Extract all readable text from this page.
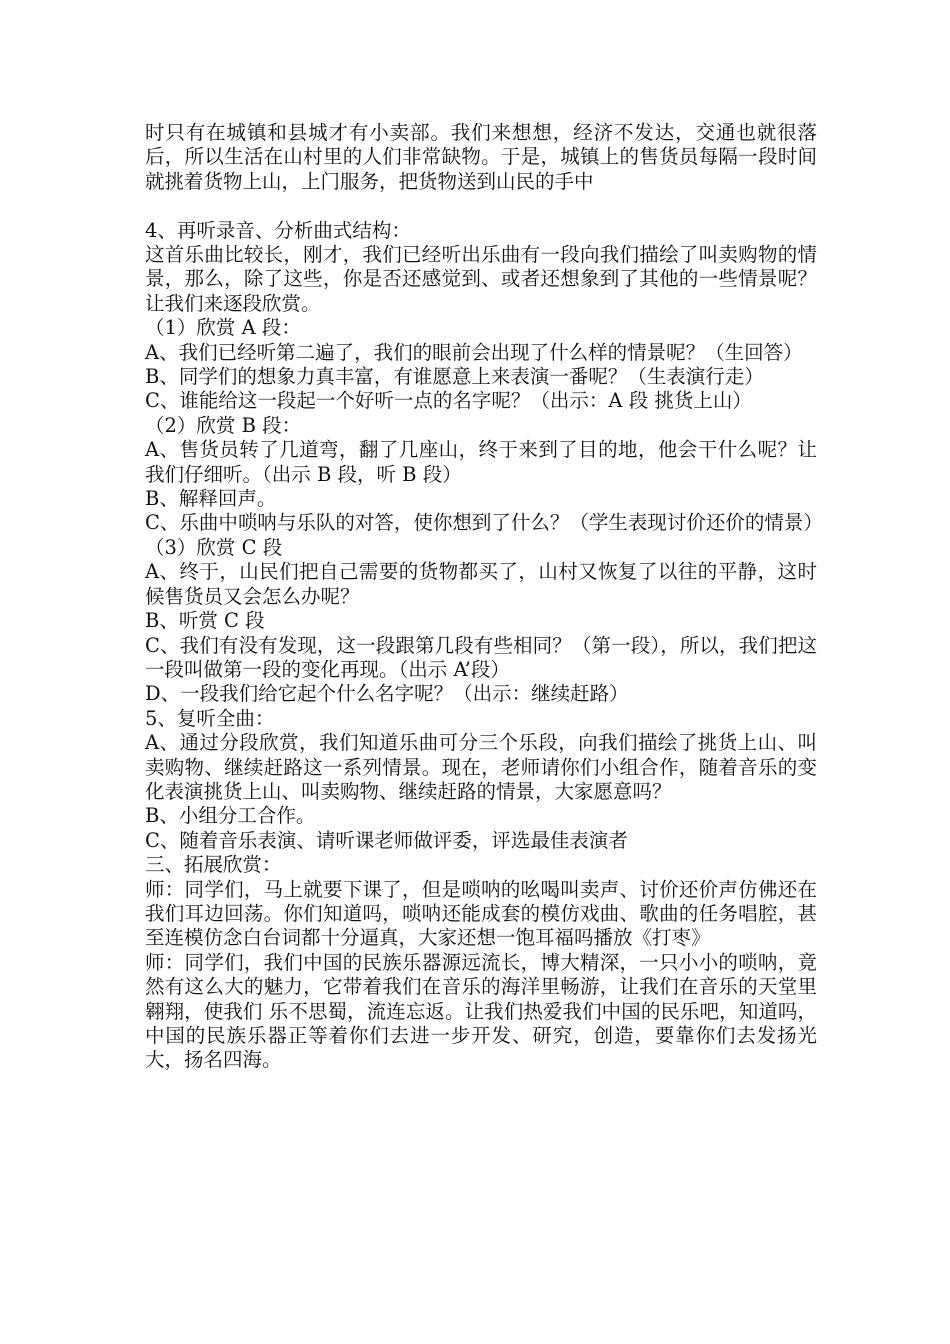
时只有在城镇和县城才有小卖部。我们来想想，经济不发达，交通也就很落后，所以生活在山村里的人们非常缺物。于是，城镇上的售货员每隔一段时间就挑着货物上山，上门服务，把货物送到山民的手中

4、再听录音、分析曲式结构：

这首乐曲比较长，刚才，我们已经听出乐曲有一段向我们描绘了叫卖购物的情景，那么，除了这些，你是否还感觉到、或者还想象到了其他的一些情景呢？让我们来逐段欣赏。

（1）欣赏 A 段：

A、我们已经听第二遍了，我们的眼前会出现了什么样的情景呢？（生回答）

B、同学们的想象力真丰富，有谁愿意上来表演一番呢？（生表演行走）

C、谁能给这一段起一个好听一点的名字呢？（出示：A 段 挑货上山）

（2）欣赏 B 段：

A、售货员转了几道弯，翻了几座山，终于来到了目的地，他会干什么呢？让我们仔细听。（出示 B 段，听 B 段）

B、解释回声。

C、乐曲中唢呐与乐队的对答，使你想到了什么？（学生表现讨价还价的情景）

（3）欣赏 C 段

A、终于，山民们把自己需要的货物都买了，山村又恢复了以往的平静，这时候售货员又会怎么办呢？

B、听赏 C 段

C、我们有没有发现，这一段跟第几段有些相同？（第一段），所以，我们把这一段叫做第一段的变化再现。（出示 A’段）

D、一段我们给它起个什么名字呢？（出示：继续赶路）

5、复听全曲：

A、通过分段欣赏，我们知道乐曲可分三个乐段，向我们描绘了挑货上山、叫卖购物、继续赶路这一系列情景。现在，老师请你们小组合作，随着音乐的变化表演挑货上山、叫卖购物、继续赶路的情景，大家愿意吗？

B、小组分工合作。

C、随着音乐表演、请听课老师做评委，评选最佳表演者

三、拓展欣赏：

师：同学们，马上就要下课了，但是唢呐的吆喝叫卖声、讨价还价声仿佛还在我们耳边回荡。你们知道吗，唢呐还能成套的模仿戏曲、歌曲的任务唱腔，甚至连模仿念白台词都十分逼真，大家还想一饱耳福吗播放《打枣》

师：同学们，我们中国的民族乐器源远流长，博大精深，一只小小的唢呐，竟然有这么大的魅力，它带着我们在音乐的海洋里畅游，让我们在音乐的天堂里翱翔，使我们 乐不思蜀，流连忘返。让我们热爱我们中国的民乐吧，知道吗，中国的民族乐器正等着你们去进一步开发、研究，创造，要靠你们去发扬光大，扬名四海。
